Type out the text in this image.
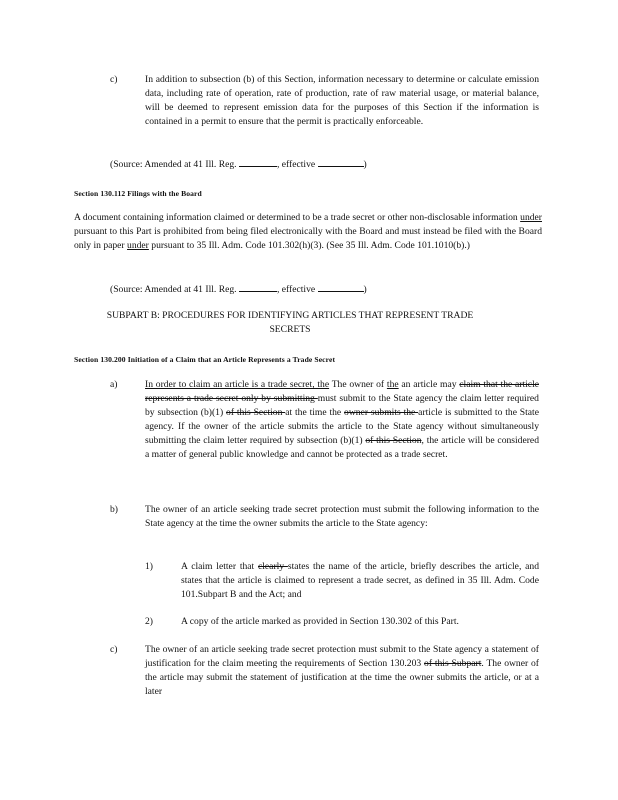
c)	In addition to subsection (b) of this Section, information necessary to determine or calculate emission data, including rate of operation, rate of production, rate of raw material usage, or material balance, will be deemed to represent emission data for the purposes of this Section if the information is contained in a permit to ensure that the permit is practically enforceable.
(Source: Amended at 41 Ill. Reg.	, effective	)
Section 130.112 Filings with the Board
A document containing information claimed or determined to be a trade secret or other non-disclosable information under pursuant to this Part is prohibited from being filed electronically with the Board and must instead be filed with the Board only in paper under pursuant to 35 Ill. Adm. Code 101.302(h)(3). (See 35 Ill. Adm. Code 101.1010(b).)
(Source: Amended at 41 Ill. Reg.	, effective	)
SUBPART B: PROCEDURES FOR IDENTIFYING ARTICLES THAT REPRESENT TRADE SECRETS
Section 130.200 Initiation of a Claim that an Article Represents a Trade Secret
a)	In order to claim an article is a trade secret, the The owner of the an article may claim that the article represents a trade secret only by submitting must submit to the State agency the claim letter required by subsection (b)(1) of this Section at the time the owner submits the article is submitted to the State agency. If the owner of the article submits the article to the State agency without simultaneously submitting the claim letter required by subsection (b)(1) of this Section, the article will be considered a matter of general public knowledge and cannot be protected as a trade secret.
b)	The owner of an article seeking trade secret protection must submit the following information to the State agency at the time the owner submits the article to the State agency:
1)	A claim letter that clearly states the name of the article, briefly describes the article, and states that the article is claimed to represent a trade secret, as defined in 35 Ill. Adm. Code 101.Subpart B and the Act; and
2)	A copy of the article marked as provided in Section 130.302 of this Part.
c)	The owner of an article seeking trade secret protection must submit to the State agency a statement of justification for the claim meeting the requirements of Section 130.203 of this Subpart. The owner of the article may submit the statement of justification at the time the owner submits the article, or at a later
